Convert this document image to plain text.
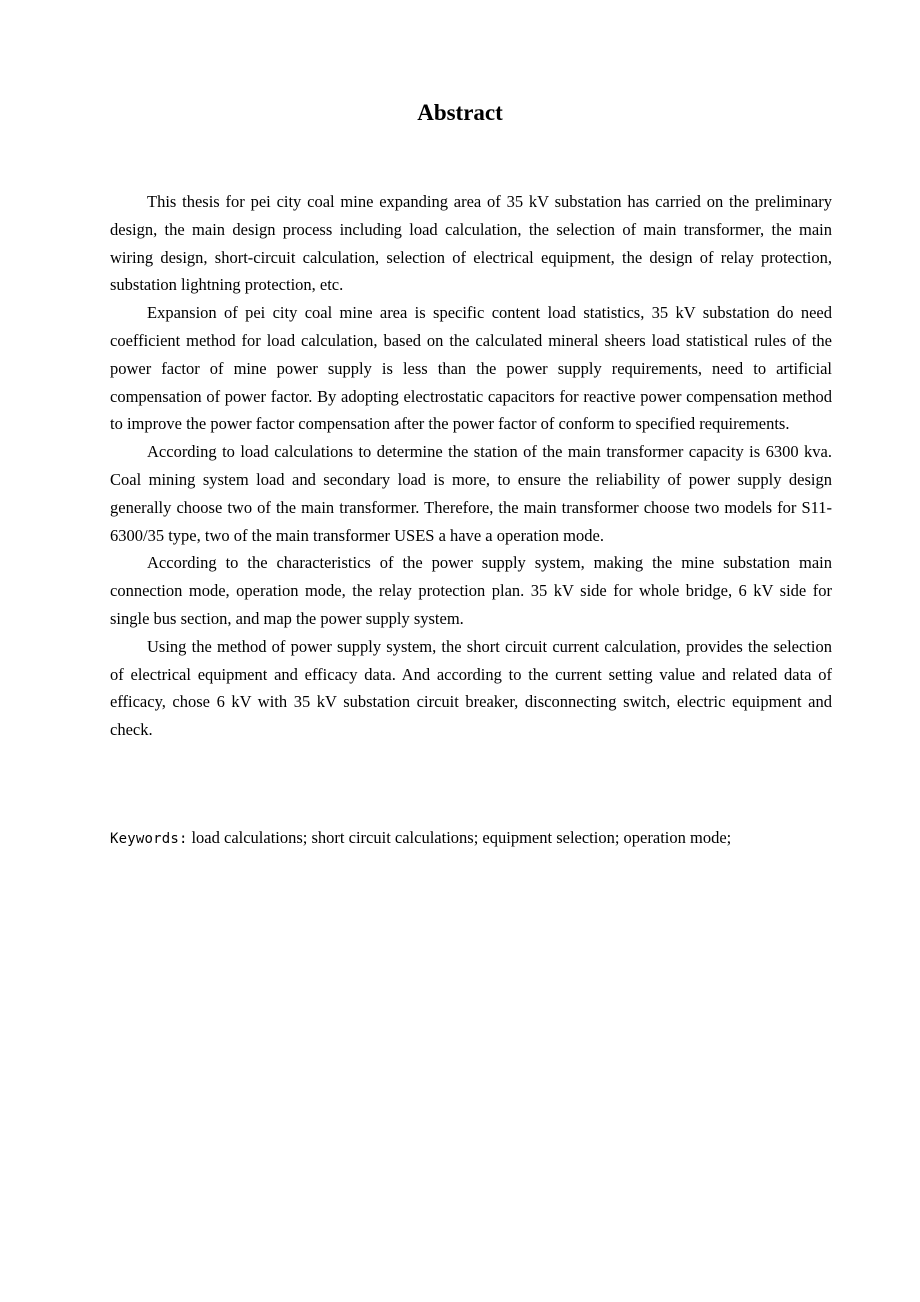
Abstract

This thesis for pei city coal mine expanding area of 35 kV substation has carried on the preliminary design, the main design process including load calculation, the selection of main transformer, the main wiring design, short-circuit calculation, selection of electrical equipment, the design of relay protection, substation lightning protection, etc.

Expansion of pei city coal mine area is specific content load statistics, 35 kV substation do need coefficient method for load calculation, based on the calculated mineral sheers load statistical rules of the power factor of mine power supply is less than the power supply requirements, need to artificial compensation of power factor. By adopting electrostatic capacitors for reactive power compensation method to improve the power factor compensation after the power factor of conform to specified requirements.

According to load calculations to determine the station of the main transformer capacity is 6300 kva. Coal mining system load and secondary load is more, to ensure the reliability of power supply design generally choose two of the main transformer. Therefore, the main transformer choose two models for S11-6300/35 type, two of the main transformer USES a have a operation mode.

According to the characteristics of the power supply system, making the mine substation main connection mode, operation mode, the relay protection plan. 35 kV side for whole bridge, 6 kV side for single bus section, and map the power supply system.

Using the method of power supply system, the short circuit current calculation, provides the selection of electrical equipment and efficacy data. And according to the current setting value and related data of efficacy, chose 6 kV with 35 kV substation circuit breaker, disconnecting switch, electric equipment and check.

Keywords: load calculations; short circuit calculations; equipment selection; operation mode;
